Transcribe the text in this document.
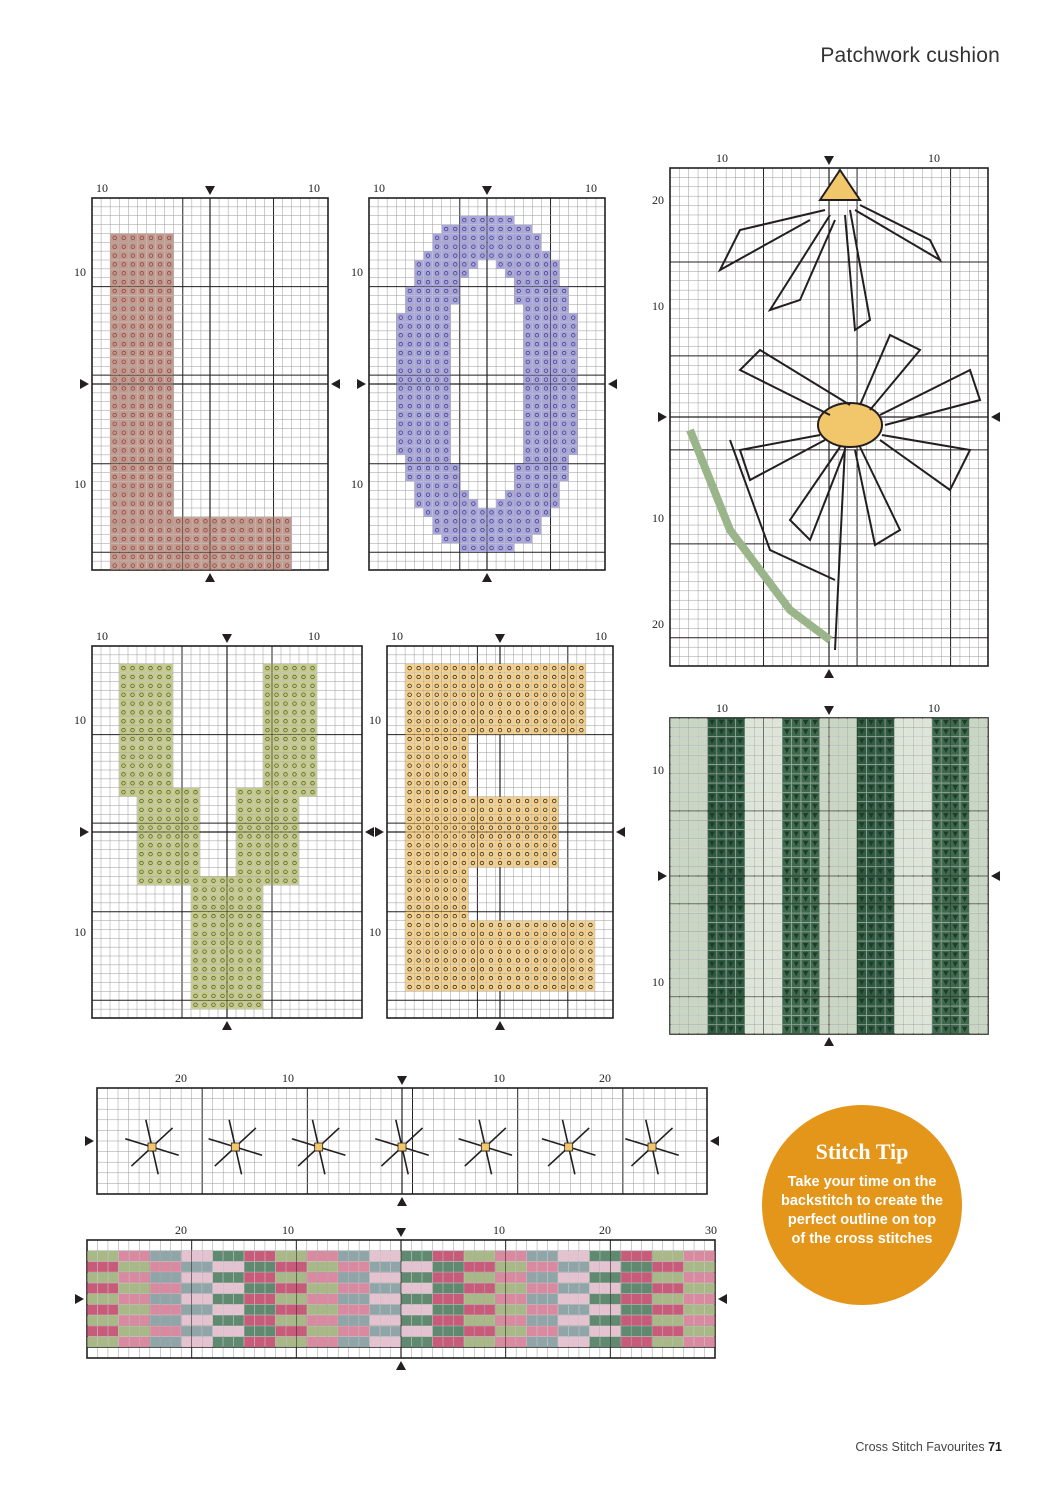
Patchwork cushion
10	10
10
10
10	10
10
10
10	10
20
10
10
20
10	10
10
10
10	10
10
10
10	10
10
10
20	10	10	20
20	10	10	20	30
Stitch Tip
Take your time on the backstitch to create the perfect outline on top of the cross stitches
Cross Stitch Favourites 71
